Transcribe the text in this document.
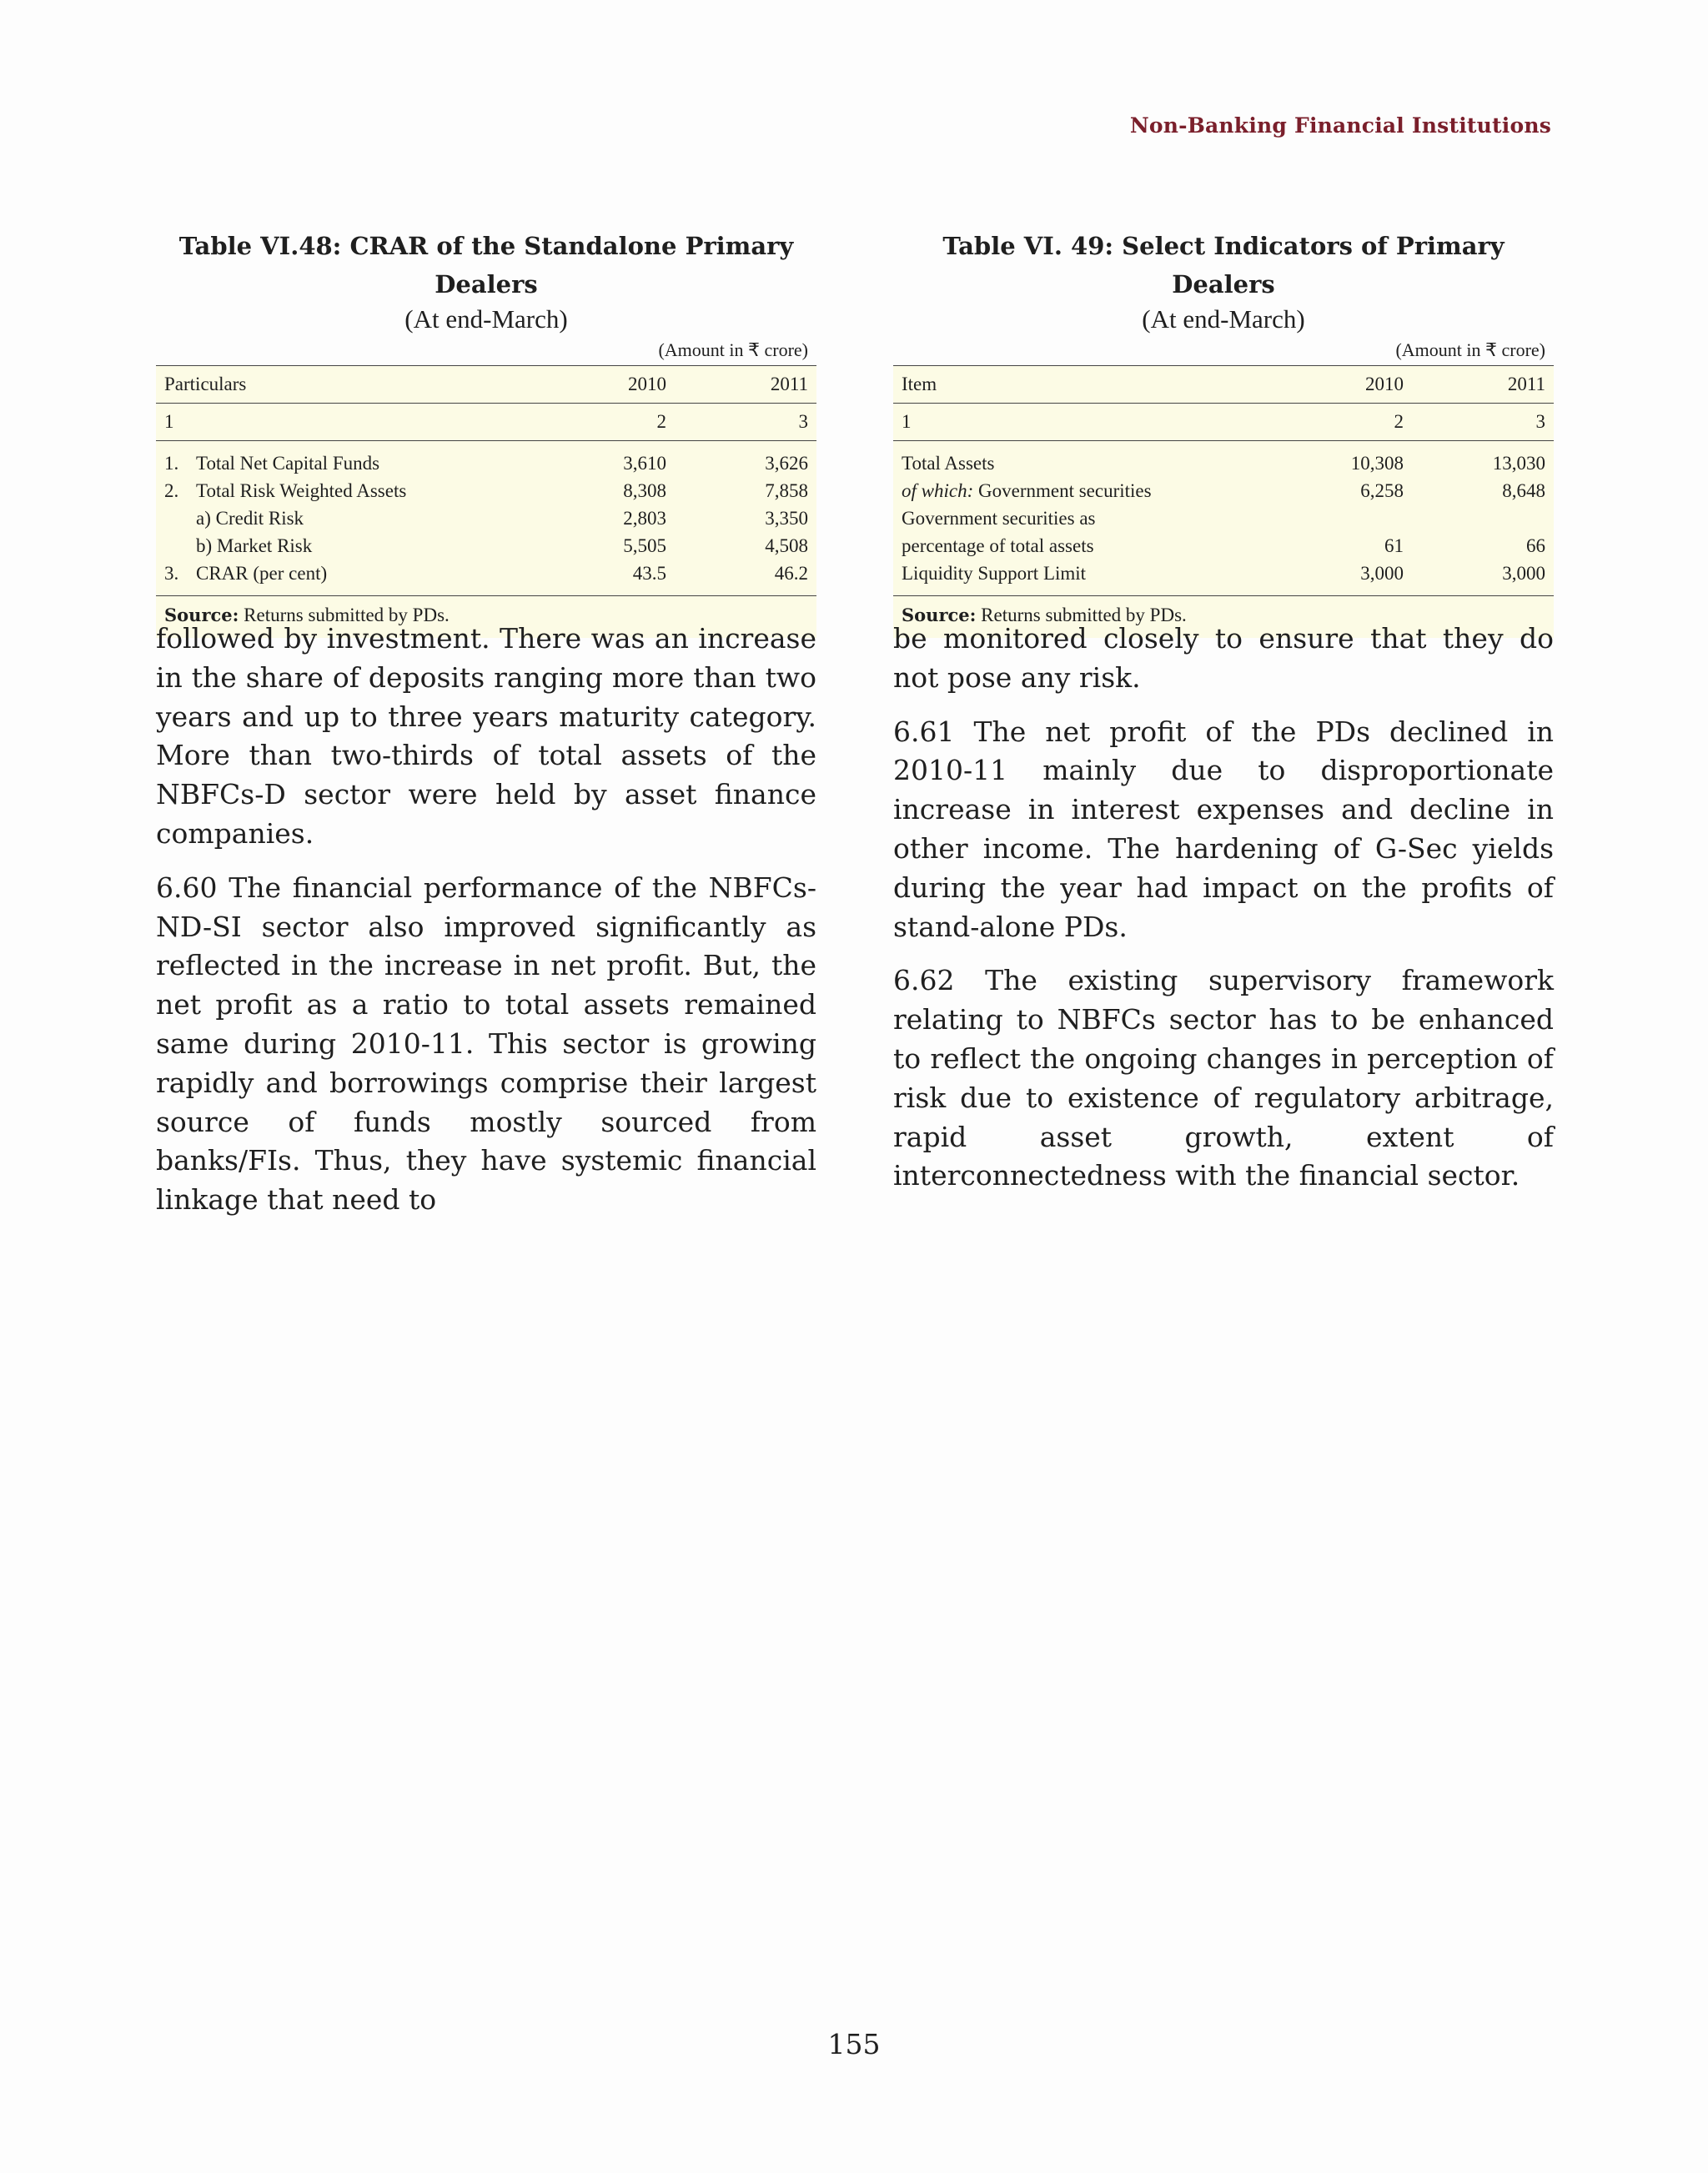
Non-Banking Financial Institutions

Table VI.48: CRAR of the Standalone Primary Dealers

(At end-March)

(Amount in ₹ crore)
Particulars	2010	2011
1	2	3
1. Total Net Capital Funds	3,610	3,626
2. Total Risk Weighted Assets	8,308	7,858
a) Credit Risk	2,803	3,350
b) Market Risk	5,505	4,508
3. CRAR (per cent)	43.5	46.2
Source: Returns submitted by PDs.

Table VI. 49: Select Indicators of Primary Dealers

(At end-March)

(Amount in ₹ crore)
Item	2010	2011
1	2	3
Total Assets	10,308	13,030
of which: Government securities	6,258	8,648
Government securities as		
percentage of total assets	61	66
Liquidity Support Limit	3,000	3,000
Source: Returns submitted by PDs.

followed by investment. There was an increase in the share of deposits ranging more than two years and up to three years maturity category. More than two-thirds of total assets of the NBFCs-D sector were held by asset finance companies.

6.60 The financial performance of the NBFCs-ND-SI sector also improved significantly as reflected in the increase in net profit. But, the net profit as a ratio to total assets remained same during 2010-11. This sector is growing rapidly and borrowings comprise their largest source of funds mostly sourced from banks/FIs. Thus, they have systemic financial linkage that need to

be monitored closely to ensure that they do not pose any risk.

6.61 The net profit of the PDs declined in 2010-11 mainly due to disproportionate increase in interest expenses and decline in other income. The hardening of G-Sec yields during the year had impact on the profits of stand-alone PDs.

6.62 The existing supervisory framework relating to NBFCs sector has to be enhanced to reflect the ongoing changes in perception of risk due to existence of regulatory arbitrage, rapid asset growth, extent of interconnectedness with the financial sector.

155
